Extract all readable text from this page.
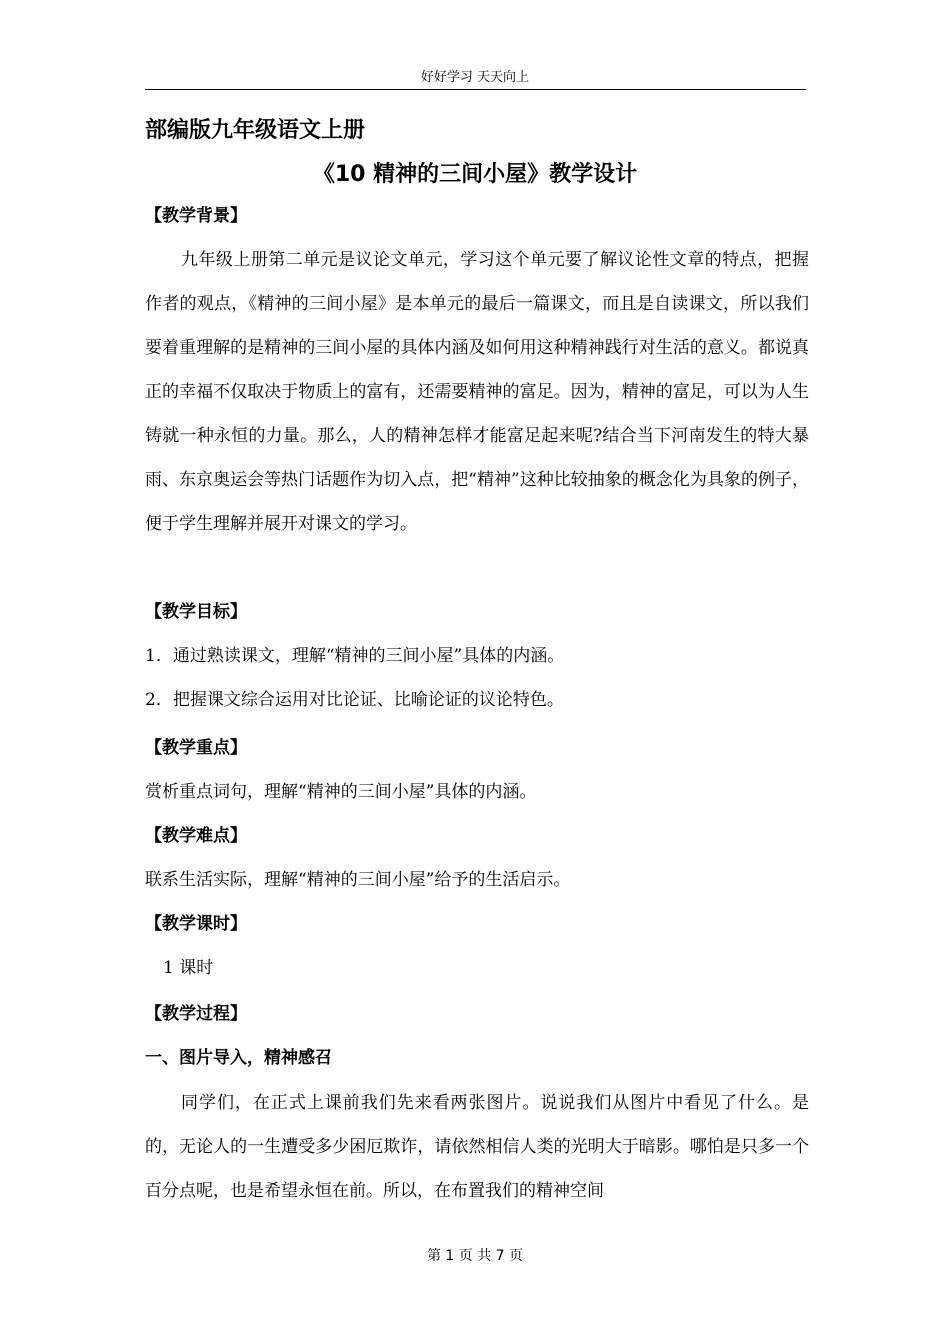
好好学习 天天向上
部编版九年级语文上册
《10 精神的三间小屋》教学设计
【教学背景】
九年级上册第二单元是议论文单元，学习这个单元要了解议论性文章的特点，把握作者的观点，《精神的三间小屋》是本单元的最后一篇课文，而且是自读课文，所以我们要着重理解的是精神的三间小屋的具体内涵及如何用这种精神践行对生活的意义。都说真正的幸福不仅取决于物质上的富有，还需要精神的富足。因为，精神的富足，可以为人生铸就一种永恒的力量。那么，人的精神怎样才能富足起来呢?结合当下河南发生的特大暴雨、东京奥运会等热门话题作为切入点，把“精神”这种比较抽象的概念化为具象的例子，便于学生理解并展开对课文的学习。
【教学目标】
1．通过熟读课文，理解“精神的三间小屋”具体的内涵。
2．把握课文综合运用对比论证、比喻论证的议论特色。
【教学重点】
赏析重点词句，理解“精神的三间小屋”具体的内涵。
【教学难点】
联系生活实际，理解“精神的三间小屋”给予的生活启示。
【教学课时】
1 课时
【教学过程】
一、图片导入，精神感召
同学们，在正式上课前我们先来看两张图片。说说我们从图片中看见了什么。是的，无论人的一生遭受多少困厄欺诈，请依然相信人类的光明大于暗影。哪怕是只多一个百分点呢，也是希望永恒在前。所以，在布置我们的精神空间
第 1 页 共 7 页
